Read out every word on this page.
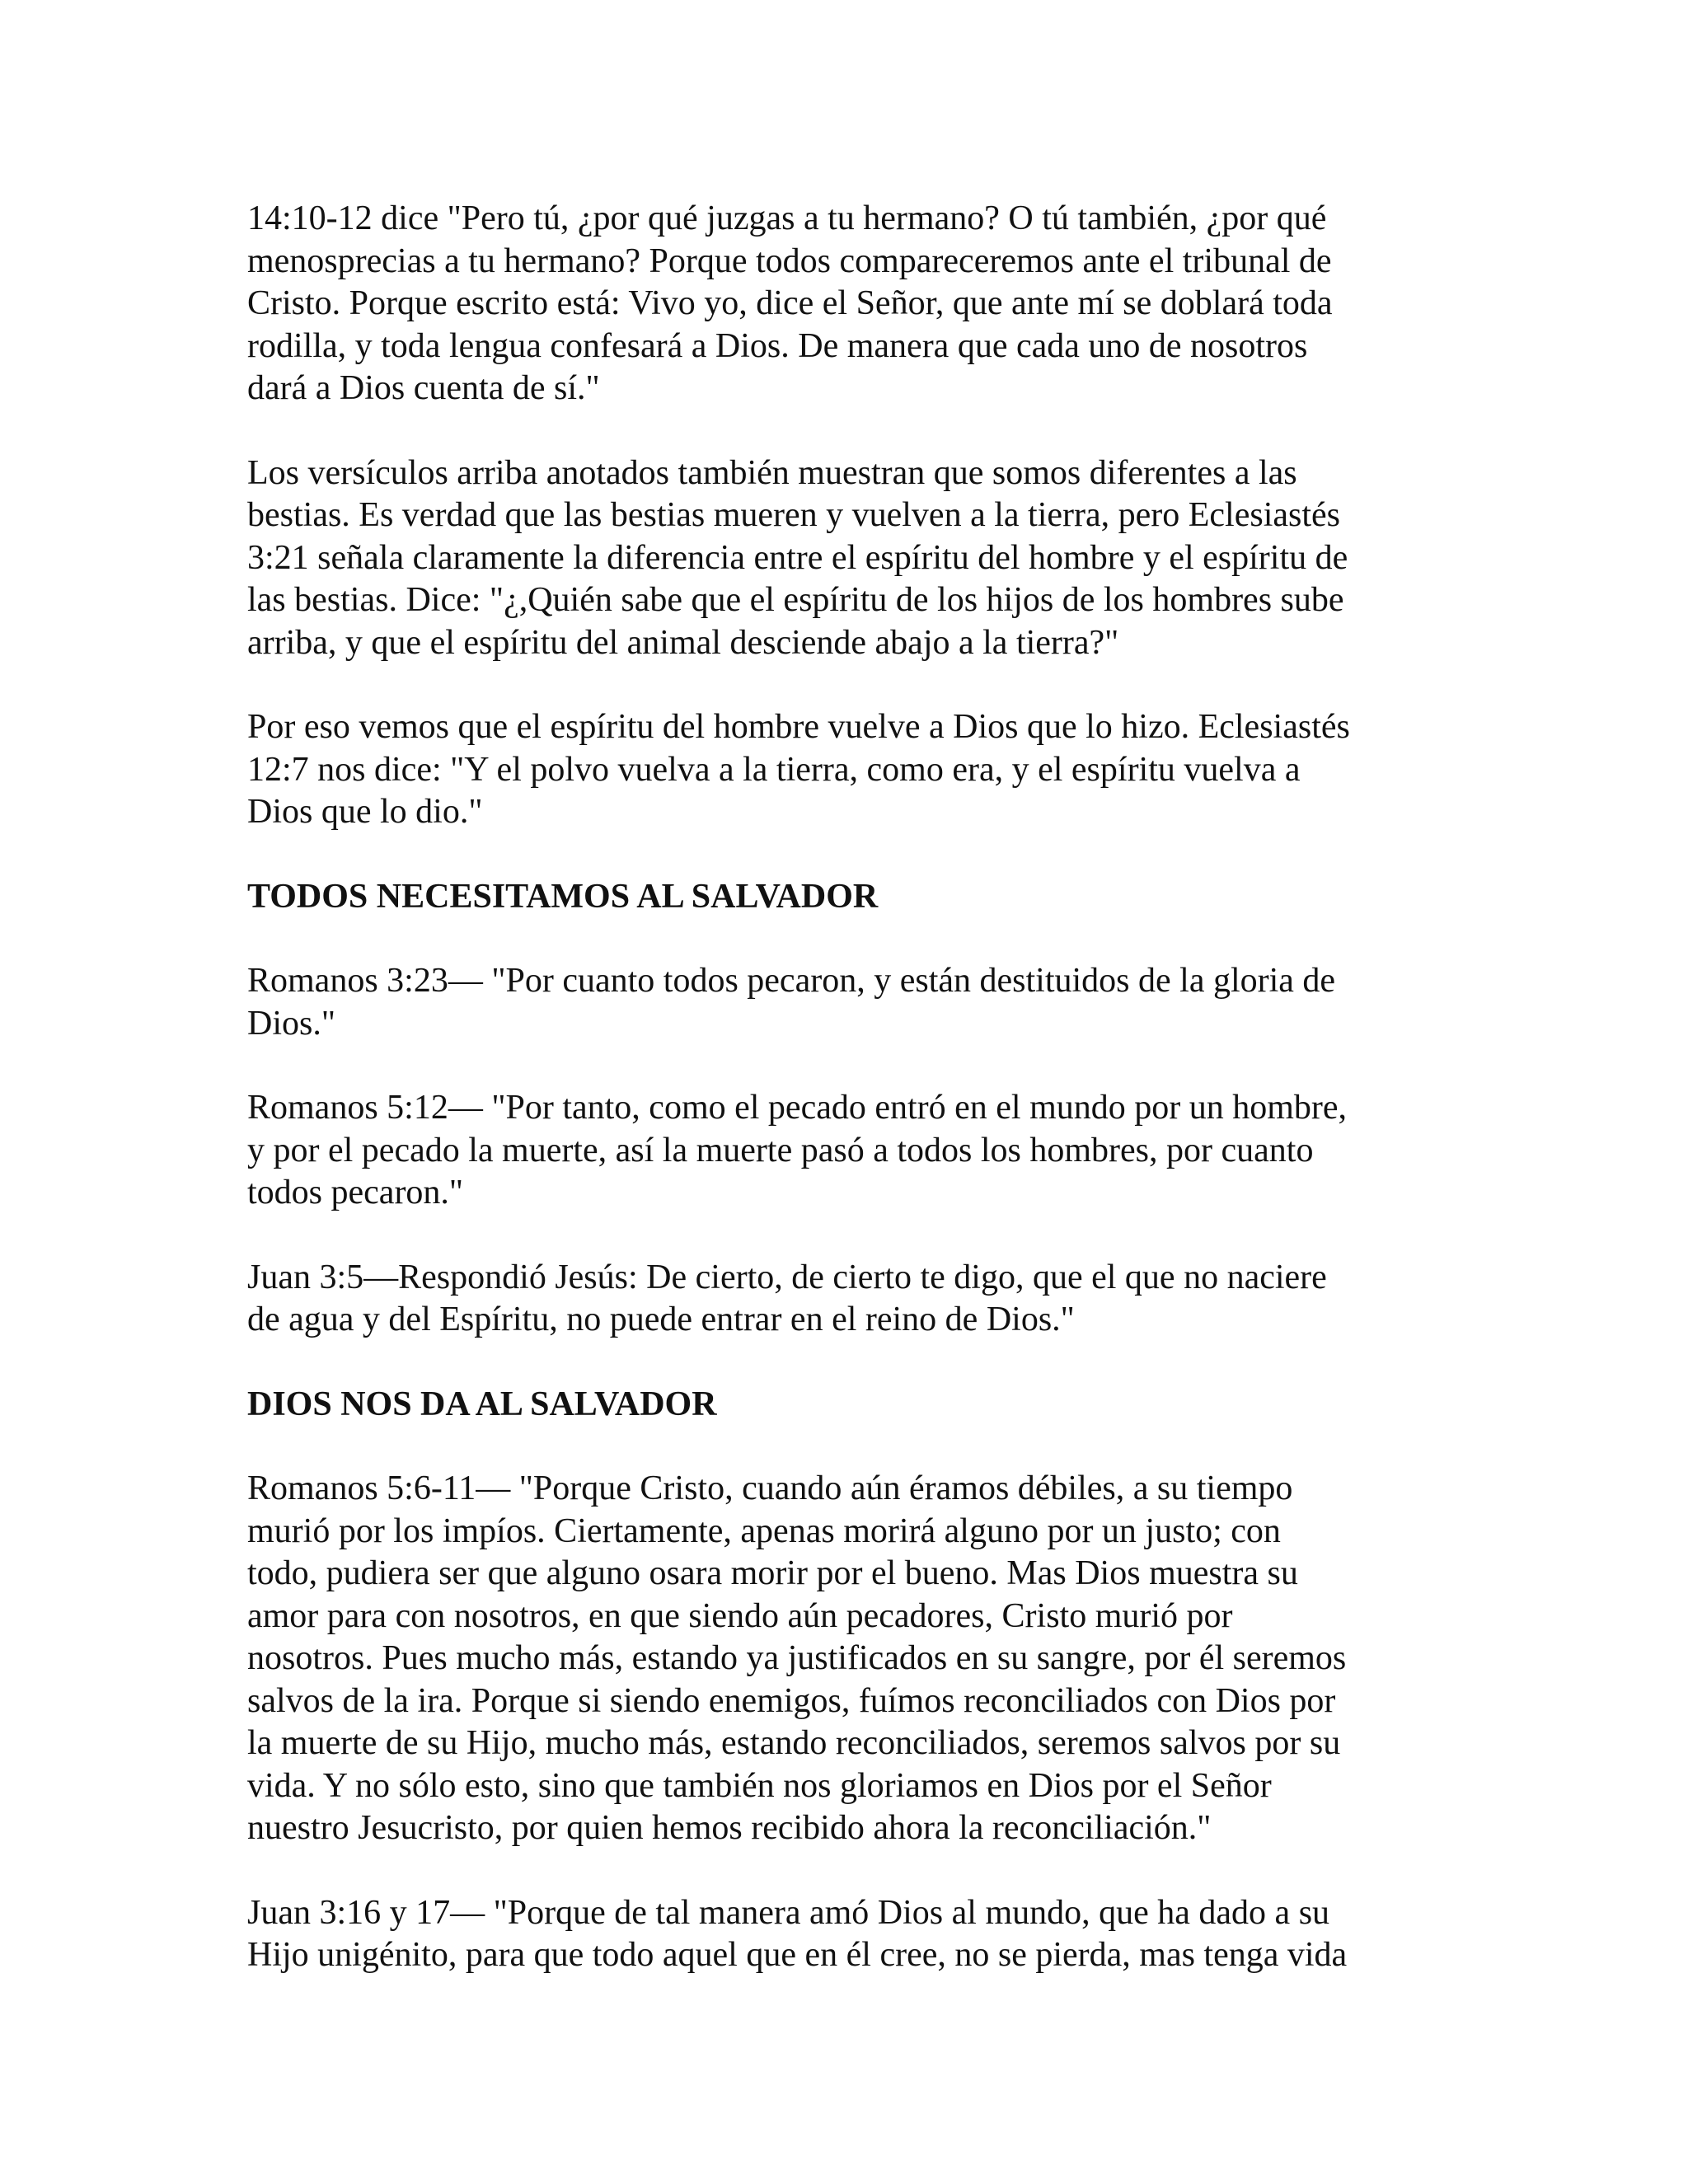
14:10-12 dice "Pero tú, ¿por qué juzgas a tu hermano? O tú también, ¿por qué
menosprecias a tu hermano? Porque todos compareceremos ante el tribunal de
Cristo. Porque escrito está: Vivo yo, dice el Señor, que ante mí se doblará toda
rodilla, y toda lengua confesará a Dios. De manera que cada uno de nosotros
dará a Dios cuenta de sí."

Los versículos arriba anotados también muestran que somos diferentes a las
bestias. Es verdad que las bestias mueren y vuelven a la tierra, pero Eclesiastés
3:21 señala claramente la diferencia entre el espíritu del hombre y el espíritu de
las bestias. Dice: "¿,Quién sabe que el espíritu de los hijos de los hombres sube
arriba, y que el espíritu del animal desciende abajo a la tierra?"

Por eso vemos que el espíritu del hombre vuelve a Dios que lo hizo. Eclesiastés
12:7 nos dice: "Y el polvo vuelva a la tierra, como era, y el espíritu vuelva a
Dios que lo dio."

TODOS NECESITAMOS AL SALVADOR

Romanos 3:23— "Por cuanto todos pecaron, y están destituidos de la gloria de
Dios."

Romanos 5:12— "Por tanto, como el pecado entró en el mundo por un hombre,
y por el pecado la muerte, así la muerte pasó a todos los hombres, por cuanto
todos pecaron."

Juan 3:5—Respondió Jesús: De cierto, de cierto te digo, que el que no naciere
de agua y del Espíritu, no puede entrar en el reino de Dios."

DIOS NOS DA AL SALVADOR

Romanos 5:6-11— "Porque Cristo, cuando aún éramos débiles, a su tiempo
murió por los impíos. Ciertamente, apenas morirá alguno por un justo; con
todo, pudiera ser que alguno osara morir por el bueno. Mas Dios muestra su
amor para con nosotros, en que siendo aún pecadores, Cristo murió por
nosotros. Pues mucho más, estando ya justificados en su sangre, por él seremos
salvos de la ira. Porque si siendo enemigos, fuímos reconciliados con Dios por
la muerte de su Hijo, mucho más, estando reconciliados, seremos salvos por su
vida. Y no sólo esto, sino que también nos gloriamos en Dios por el Señor
nuestro Jesucristo, por quien hemos recibido ahora la reconciliación."

Juan 3:16 y 17— "Porque de tal manera amó Dios al mundo, que ha dado a su
Hijo unigénito, para que todo aquel que en él cree, no se pierda, mas tenga vida
